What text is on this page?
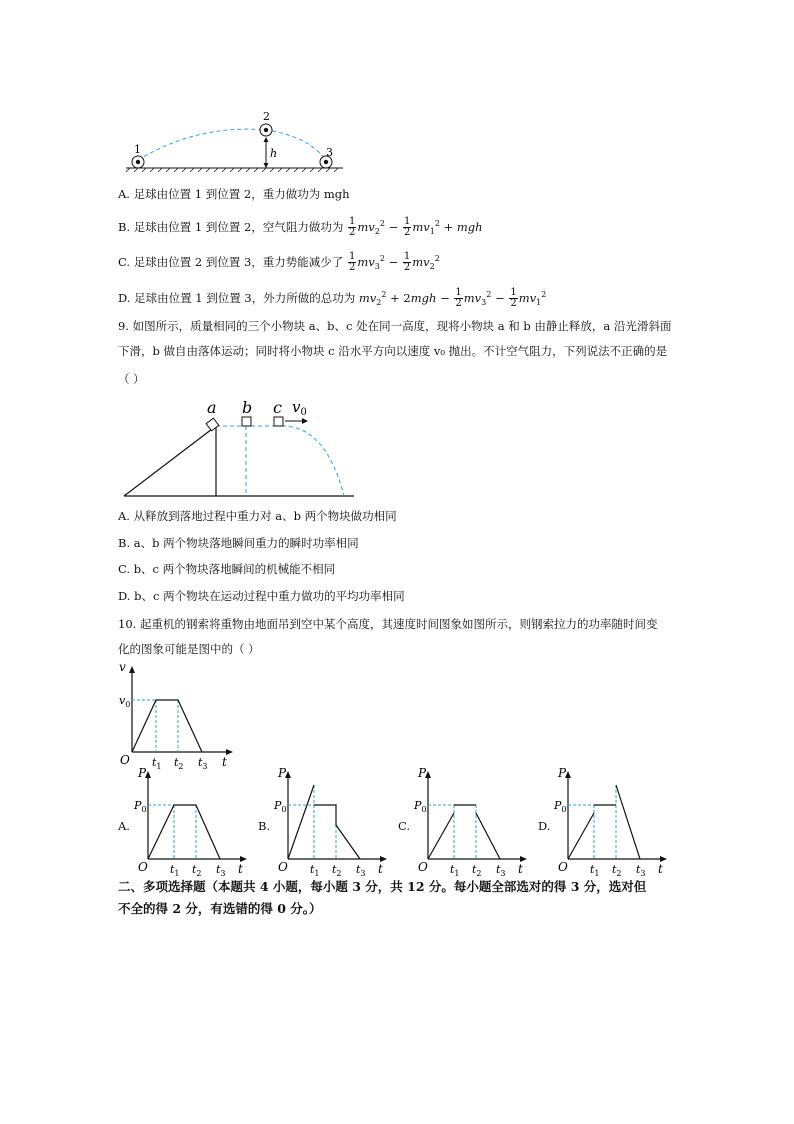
1
2
3
h
A. 足球由位置 1 到位置 2，重力做功为 mgh
B. 足球由位置 1 到位置 2，空气阻力做功为 $\frac{1}{2} mv_2^2 - \frac{1}{2} mv_1^2$ + mgh
C. 足球由位置 2 到位置 3，重力势能减少了 $\frac{1}{2} mv_3^2 - \frac{1}{2} mv_2^2$
D. 足球由位置 1 到位置 3，外力所做的总功为 $mv_2^2 + 2mgh - \frac{1}{2} mv_3^2 - \frac{1}{2} mv_1^2$
9. 如图所示，质量相同的三个小物块 a、b、c 处在同一高度，现将小物块 a 和 b 由静止释放，a 沿光滑斜面
下滑，b 做自由落体运动；同时将小物块 c 沿水平方向以速度 v₀ 抛出。不计空气阻力，下列说法不正确的是
（ ）
a b c $v_0$
A. 从释放到落地过程中重力对 a、b 两个物块做功相同
B. a、b 两个物块落地瞬间重力的瞬时功率相同
C. b、c 两个物块落地瞬间的机械能不相同
D. b、c 两个物块在运动过程中重力做功的平均功率相同
10. 起重机的钢索将重物由地面吊到空中某个高度，其速度时间图象如图所示，则钢索拉力的功率随时间变
化的图象可能是图中的（ ）
v
$v_0$
O $t_1$ $t_2$ $t_3$ t
A.
P
$P_0$
O $t_1$ $t_2$ $t_3$ t
B.
P
$P_0$
O $t_1$ $t_2$ $t_3$ t
C.
P
$P_0$
O $t_1$ $t_2$ $t_3$ t
D.
P
$P_0$
O $t_1$ $t_2$ $t_3$ t
二、多项选择题（本题共 4 小题，每小题 3 分，共 12 分。每小题全部选对的得 3 分，选对但
不全的得 2 分，有选错的得 0 分。）
